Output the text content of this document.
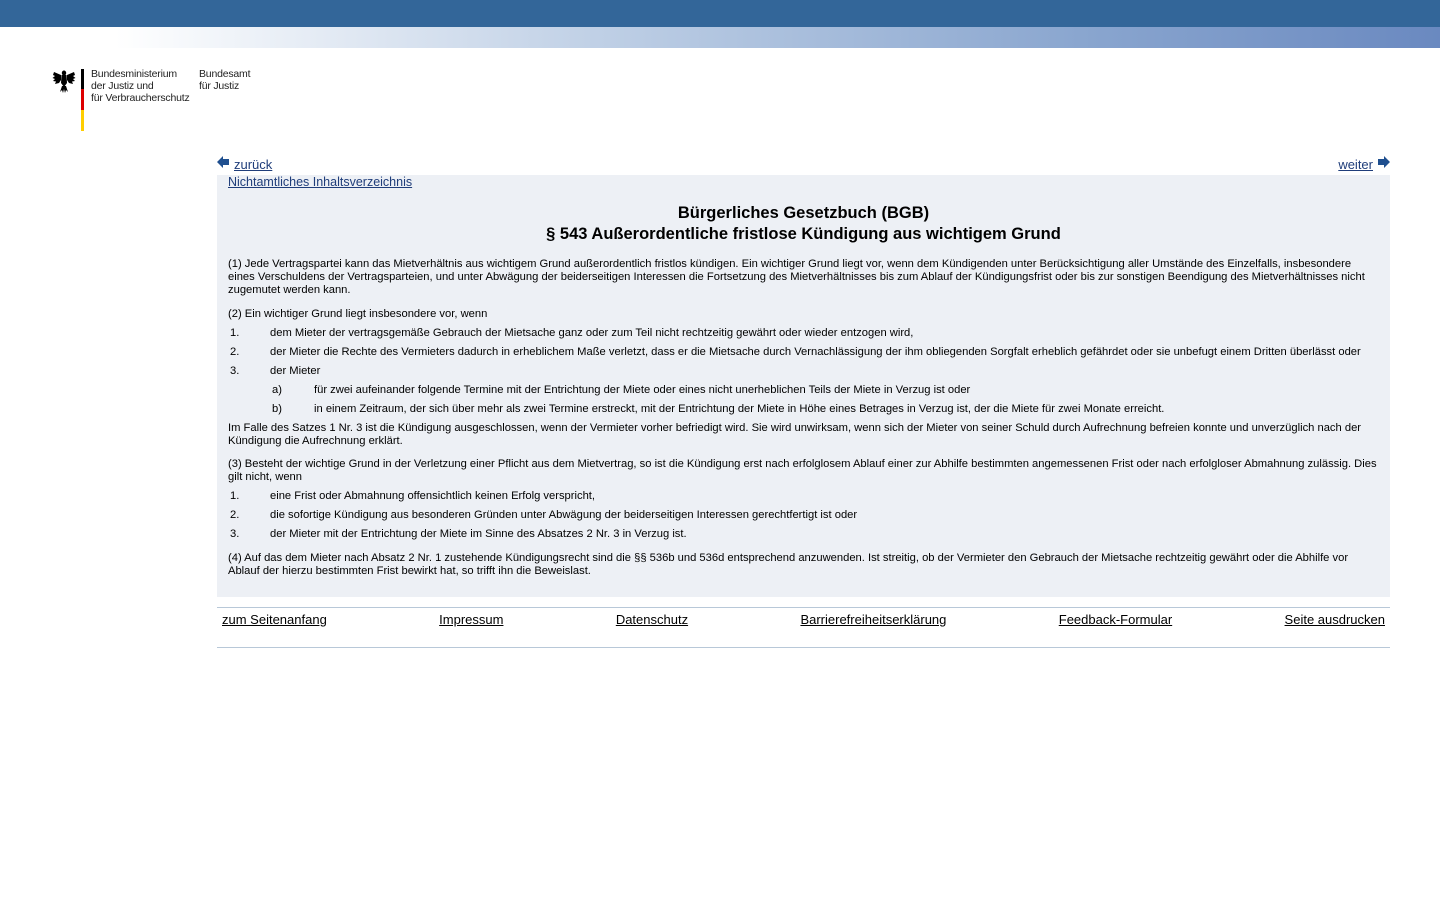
Bundesministerium
der Justiz und
für Verbraucherschutz
Bundesamt
für Justiz
zurück	weiter
Nichtamtliches Inhaltsverzeichnis
Bürgerliches Gesetzbuch (BGB)
§ 543 Außerordentliche fristlose Kündigung aus wichtigem Grund

(1) Jede Vertragspartei kann das Mietverhältnis aus wichtigem Grund außerordentlich fristlos kündigen. Ein wichtiger Grund liegt vor, wenn dem Kündigenden unter Berücksichtigung aller Umstände des Einzelfalls, insbesondere eines Verschuldens der Vertragsparteien, und unter Abwägung der beiderseitigen Interessen die Fortsetzung des Mietverhältnisses bis zum Ablauf der Kündigungsfrist oder bis zur sonstigen Beendigung des Mietverhältnisses nicht zugemutet werden kann.

(2) Ein wichtiger Grund liegt insbesondere vor, wenn

1.	dem Mieter der vertragsgemäße Gebrauch der Mietsache ganz oder zum Teil nicht rechtzeitig gewährt oder wieder entzogen wird,
2.	der Mieter die Rechte des Vermieters dadurch in erheblichem Maße verletzt, dass er die Mietsache durch Vernachlässigung der ihm obliegenden Sorgfalt erheblich gefährdet oder sie unbefugt einem Dritten überlässt oder
3.	der Mieter
a)	für zwei aufeinander folgende Termine mit der Entrichtung der Miete oder eines nicht unerheblichen Teils der Miete in Verzug ist oder
b)	in einem Zeitraum, der sich über mehr als zwei Termine erstreckt, mit der Entrichtung der Miete in Höhe eines Betrages in Verzug ist, der die Miete für zwei Monate erreicht.

Im Falle des Satzes 1 Nr. 3 ist die Kündigung ausgeschlossen, wenn der Vermieter vorher befriedigt wird. Sie wird unwirksam, wenn sich der Mieter von seiner Schuld durch Aufrechnung befreien konnte und unverzüglich nach der Kündigung die Aufrechnung erklärt.

(3) Besteht der wichtige Grund in der Verletzung einer Pflicht aus dem Mietvertrag, so ist die Kündigung erst nach erfolglosem Ablauf einer zur Abhilfe bestimmten angemessenen Frist oder nach erfolgloser Abmahnung zulässig. Dies gilt nicht, wenn

1.	eine Frist oder Abmahnung offensichtlich keinen Erfolg verspricht,
2.	die sofortige Kündigung aus besonderen Gründen unter Abwägung der beiderseitigen Interessen gerechtfertigt ist oder
3.	der Mieter mit der Entrichtung der Miete im Sinne des Absatzes 2 Nr. 3 in Verzug ist.

(4) Auf das dem Mieter nach Absatz 2 Nr. 1 zustehende Kündigungsrecht sind die §§ 536b und 536d entsprechend anzuwenden. Ist streitig, ob der Vermieter den Gebrauch der Mietsache rechtzeitig gewährt oder die Abhilfe vor Ablauf der hierzu bestimmten Frist bewirkt hat, so trifft ihn die Beweislast.

zum Seitenanfang	Impressum	Datenschutz	Barrierefreiheitserklärung	Feedback-Formular	Seite ausdrucken
